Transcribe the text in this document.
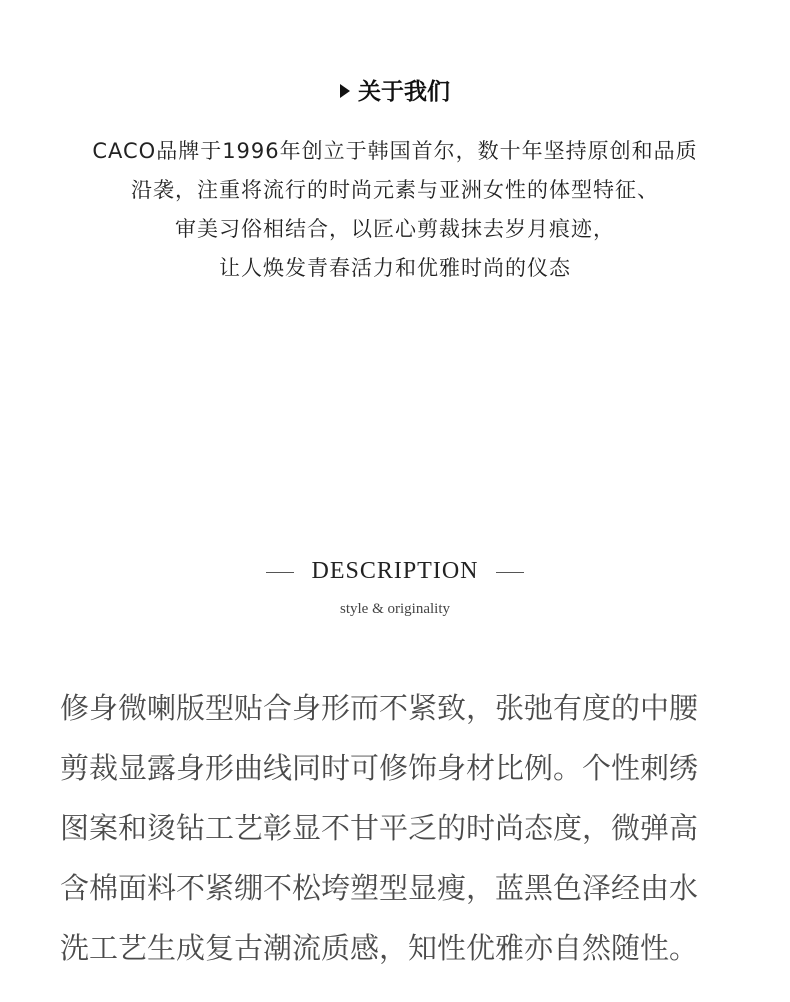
关于我们

CACO品牌于1996年创立于韩国首尔，数十年坚持原创和品质

沿袭，注重将流行的时尚元素与亚洲女性的体型特征、

审美习俗相结合，以匠心剪裁抹去岁月痕迹，

让人焕发青春活力和优雅时尚的仪态

DESCRIPTION
style & originality

修身微喇版型贴合身形而不紧致，张弛有度的中腰

剪裁显露身形曲线同时可修饰身材比例。个性刺绣

图案和烫钻工艺彰显不甘平乏的时尚态度，微弹高

含棉面料不紧绷不松垮塑型显瘦，蓝黑色泽经由水

洗工艺生成复古潮流质感，知性优雅亦自然随性。
